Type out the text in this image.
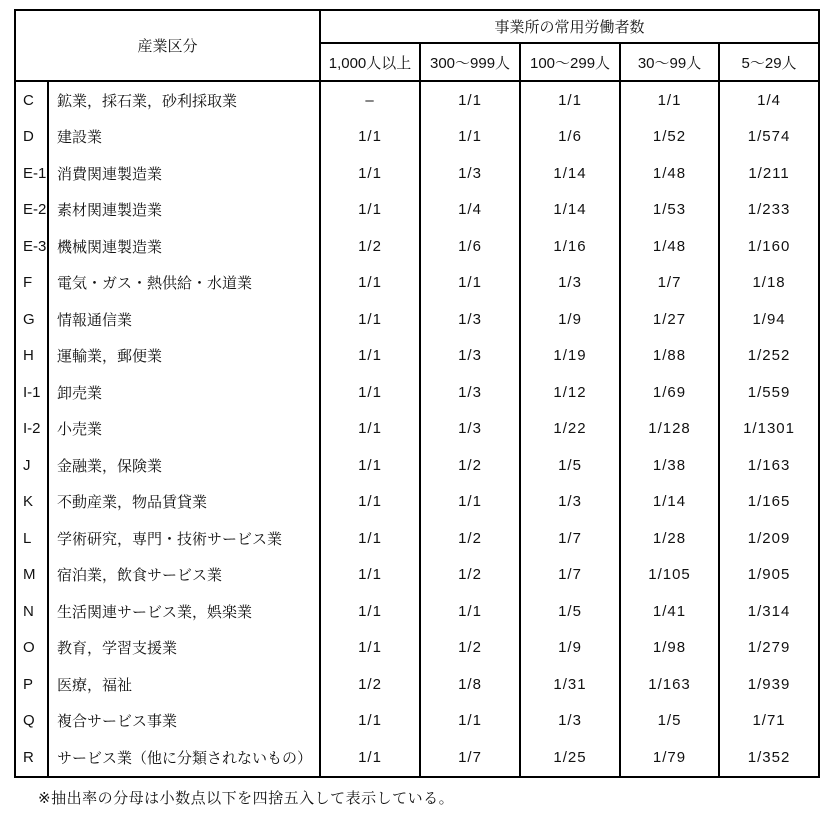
産業区分		事業所の常用労働者数				
		1,000人以上	300～999人	100～299人	30～99人	5～29人
C	鉱業，採石業，砂利採取業	–	1/1	1/1	1/1	1/4
D	建設業	1/1	1/1	1/6	1/52	1/574
E-1	消費関連製造業	1/1	1/3	1/14	1/48	1/211
E-2	素材関連製造業	1/1	1/4	1/14	1/53	1/233
E-3	機械関連製造業	1/2	1/6	1/16	1/48	1/160
F	電気・ガス・熱供給・水道業	1/1	1/1	1/3	1/7	1/18
G	情報通信業	1/1	1/3	1/9	1/27	1/94
H	運輸業，郵便業	1/1	1/3	1/19	1/88	1/252
I-1	卸売業	1/1	1/3	1/12	1/69	1/559
I-2	小売業	1/1	1/3	1/22	1/128	1/1301
J	金融業，保険業	1/1	1/2	1/5	1/38	1/163
K	不動産業，物品賃貸業	1/1	1/1	1/3	1/14	1/165
L	学術研究，専門・技術サービス業	1/1	1/2	1/7	1/28	1/209
M	宿泊業，飲食サービス業	1/1	1/2	1/7	1/105	1/905
N	生活関連サービス業，娯楽業	1/1	1/1	1/5	1/41	1/314
O	教育，学習支援業	1/1	1/2	1/9	1/98	1/279
P	医療，福祉	1/2	1/8	1/31	1/163	1/939
Q	複合サービス事業	1/1	1/1	1/3	1/5	1/71
R	サービス業（他に分類されないもの）	1/1	1/7	1/25	1/79	1/352

※抽出率の分母は小数点以下を四捨五入して表示している。
